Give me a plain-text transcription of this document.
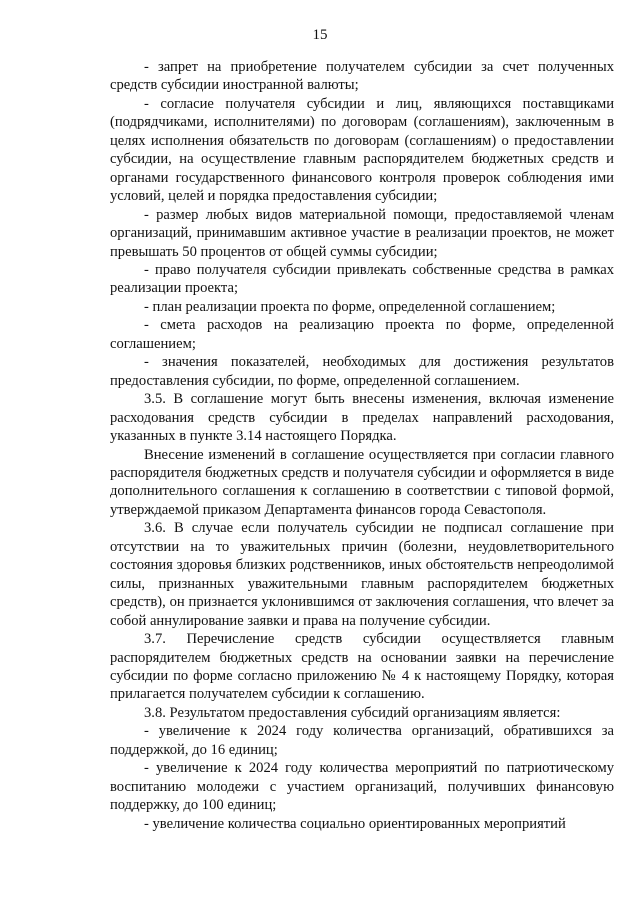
15

- запрет на приобретение получателем субсидии за счет полученных средств субсидии иностранной валюты;

- согласие получателя субсидии и лиц, являющихся поставщиками (подрядчиками, исполнителями) по договорам (соглашениям), заключенным в целях исполнения обязательств по договорам (соглашениям) о предоставлении субсидии, на осуществление главным распорядителем бюджетных средств и органами государственного финансового контроля проверок соблюдения ими условий, целей и порядка предоставления субсидии;

- размер любых видов материальной помощи, предоставляемой членам организаций, принимавшим активное участие в реализации проектов, не может превышать 50 процентов от общей суммы субсидии;

- право получателя субсидии привлекать собственные средства в рамках реализации проекта;

- план реализации проекта по форме, определенной соглашением;

- смета расходов на реализацию проекта по форме, определенной соглашением;

- значения показателей, необходимых для достижения результатов предоставления субсидии, по форме, определенной соглашением.

3.5. В соглашение могут быть внесены изменения, включая изменение расходования средств субсидии в пределах направлений расходования, указанных в пункте 3.14 настоящего Порядка.

Внесение изменений в соглашение осуществляется при согласии главного распорядителя бюджетных средств и получателя субсидии и оформляется в виде дополнительного соглашения к соглашению в соответствии с типовой формой, утверждаемой приказом Департамента финансов города Севастополя.

3.6. В случае если получатель субсидии не подписал соглашение при отсутствии на то уважительных причин (болезни, неудовлетворительного состояния здоровья близких родственников, иных обстоятельств непреодолимой силы, признанных уважительными главным распорядителем бюджетных средств), он признается уклонившимся от заключения соглашения, что влечет за собой аннулирование заявки и права на получение субсидии.

3.7. Перечисление средств субсидии осуществляется главным распорядителем бюджетных средств на основании заявки на перечисление субсидии по форме согласно приложению № 4 к настоящему Порядку, которая прилагается получателем субсидии к соглашению.

3.8. Результатом предоставления субсидий организациям является:

- увеличение к 2024 году количества организаций, обратившихся за поддержкой, до 16 единиц;

- увеличение к 2024 году количества мероприятий по патриотическому воспитанию молодежи с участием организаций, получивших финансовую поддержку, до 100 единиц;

- увеличение количества социально ориентированных мероприятий
